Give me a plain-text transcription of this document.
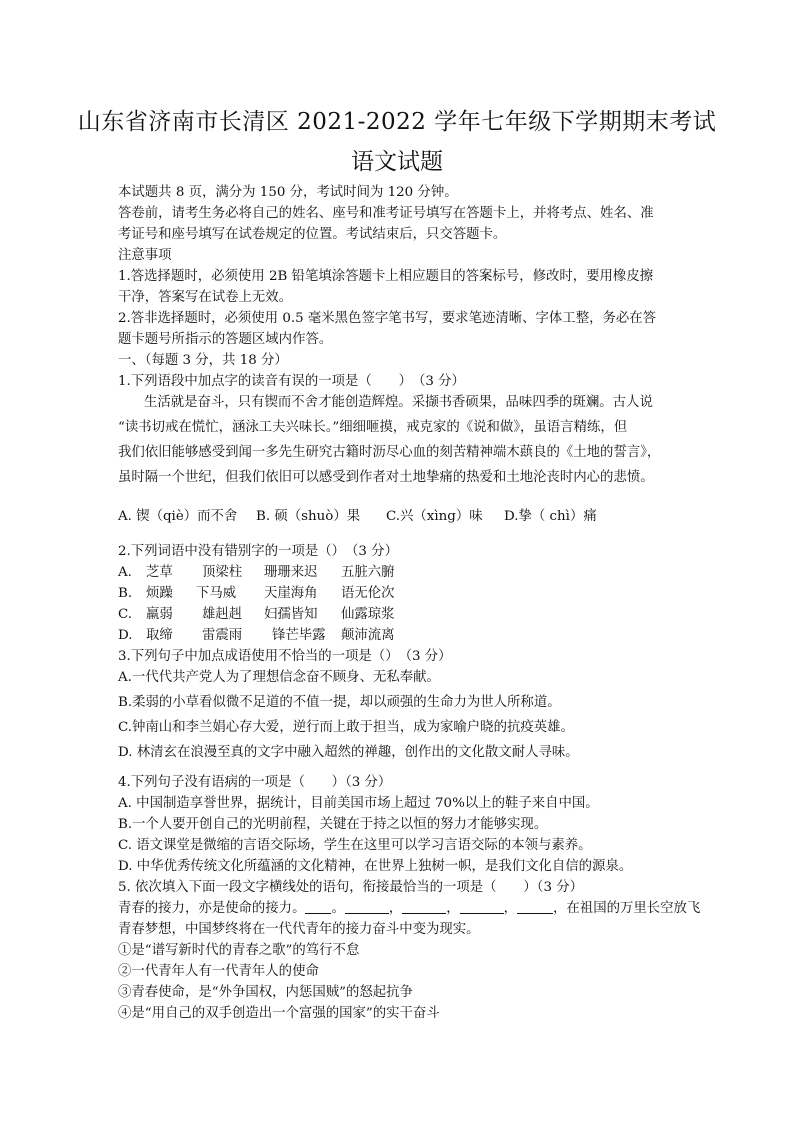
山东省济南市长清区 2021-2022 学年七年级下学期期末考试
语文试题
本试题共 8 页，满分为 150 分，考试时间为 120 分钟。
答卷前，请考生务必将自己的姓名、座号和准考证号填写在答题卡上，并将考点、姓名、准
考证号和座号填写在试卷规定的位置。考试结束后，只交答题卡。
注意事项
1.答选择题时，必须使用 2B 铅笔填涂答题卡上相应题目的答案标号，修改时，要用橡皮擦
干净，答案写在试卷上无效。
2.答非选择题时，必须使用 0.5 毫米黑色签字笔书写，要求笔迹清晰、字体工整，务必在答
题卡题号所指示的答题区域内作答。
一、（每题 3 分，共 18 分）
1.下列语段中加点字的读音有误的一项是（　　）　（3 分）
生活就是奋斗，只有锲而不舍才能创造辉煌。采撷书香硕果，品味四季的斑斓。古人说
“读书切戒在慌忙，涵泳工夫兴味长。”细细咂摸，戒克家的《说和做》，虽语言精练，但
我们依旧能够感受到闻一多先生研究古籍时沥尽心血的刻苦精神端木蕻良的《土地的誓言》，
虽时隔一个世纪，但我们依旧可以感受到作者对土地挚痛的热爱和土地沦丧时内心的悲愤。
A. 锲（qiè）而不舍 B. 硕（shuò）果 C.兴（xìng）味 D.挚（ chì）痛
2.下列词语中没有错别字的一项是（）　（3 分）
A. 芝草 顶梁柱 珊珊来迟 五脏六腑
B. 烦躁 下马威 天崖海角 语无伦次
C. 羸弱 雄赳赳 妇孺皆知 仙露琼浆
D. 取缔 雷震雨 锋芒毕露 颠沛流离
3.下列句子中加点成语使用不恰当的一项是（）　（3 分）
A.一代代共产党人为了理想信念奋不顾身、无私奉献。
B.柔弱的小草看似微不足道的不值一提，却以顽强的生命力为世人所称道。
C.钟南山和李兰娟心存大爱，逆行而上敢于担当，成为家喻户晓的抗疫英雄。
D. 林清玄在浪漫至真的文字中融入超然的禅趣，创作出的文化散文耐人寻味。
4.下列句子没有语病的一项是（　　）（3 分）
A. 中国制造享誉世界，据统计，目前美国市场上超过 70%以上的鞋子来自中国。
B.一个人要开创自己的光明前程，关键在于持之以恒的努力才能够实现。
C. 语文课堂是微缩的言语交际场，学生在这里可以学习言语交际的本领与素养。
D. 中华优秀传统文化所蕴涵的文化精神，在世界上独树一帜，是我们文化自信的源泉。
5. 依次填入下面一段文字横线处的语句，衔接最恰当的一项是（　　）（3 分）
青春的接力，亦是使命的接力。 。	，	，	，	，在祖国的万里长空放飞
青春梦想，中国梦终将在一代代青年的接力奋斗中变为现实。
①是“谱写新时代的青春之歌”的笃行不怠
②一代青年人有一代青年人的使命
③青春使命，是“外争国权，内惩国贼”的怒起抗争
④是“用自己的双手创造出一个富强的国家”的实干奋斗
